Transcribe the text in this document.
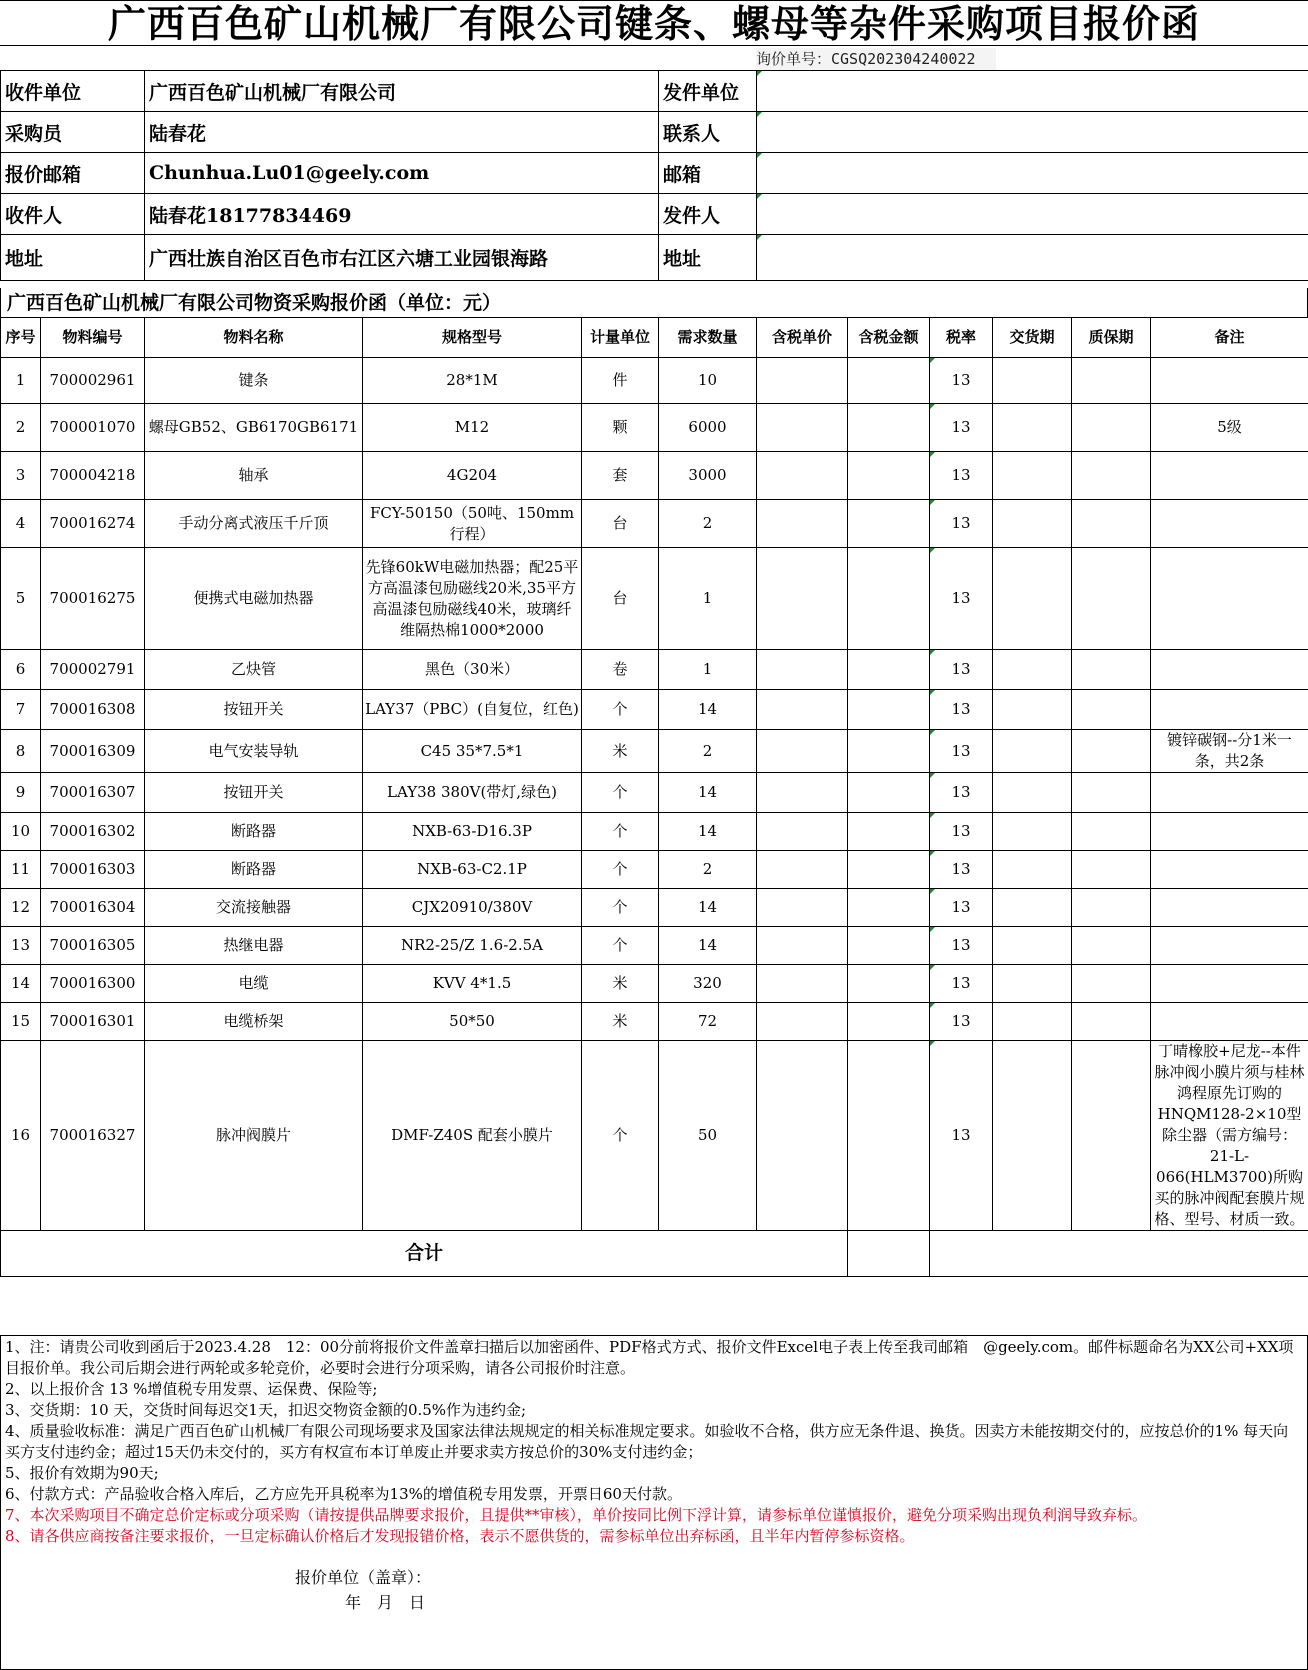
广西百色矿山机械厂有限公司键条、螺母等杂件采购项目报价函
询价单号：CGSQ202304240022
收件单位	广西百色矿山机械厂有限公司	发件单位	
采购员	陆春花	联系人	
报价邮箱	Chunhua.Lu01@geely.com	邮箱	
收件人	陆春花18177834469	发件人	
地址	广西壮族自治区百色市右江区六塘工业园银海路	地址	
广西百色矿山机械厂有限公司物资采购报价函（单位：元）
序号	物料编号	物料名称	规格型号	计量单位	需求数量	含税单价	含税金额	税率	交货期	质保期	备注
1	700002961	键条	28*1M	件	10			13			
2	700001070	螺母GB52、GB6170GB6171	M12	颗	6000			13			5级
3	700004218	轴承	4G204	套	3000			13			
4	700016274	手动分离式液压千斤顶	FCY-50150（50吨、150mm行程）	台	2			13			
5	700016275	便携式电磁加热器	先锋60kW电磁加热器；配25平方高温漆包励磁线20米,35平方高温漆包励磁线40米，玻璃纤维隔热棉1000*2000	台	1			13			
6	700002791	乙炔管	黑色（30米）	卷	1			13			
7	700016308	按钮开关	LAY37（PBC）(自复位，红色)	个	14			13			
8	700016309	电气安装导轨	C45 35*7.5*1	米	2			13			镀锌碳钢--分1米一条，共2条
9	700016307	按钮开关	LAY38 380V(带灯,绿色)	个	14			13			
10	700016302	断路器	NXB-63-D16.3P	个	14			13			
11	700016303	断路器	NXB-63-C2.1P	个	2			13			
12	700016304	交流接触器	CJX20910/380V	个	14			13			
13	700016305	热继电器	NR2-25/Z 1.6-2.5A	个	14			13			
14	700016300	电缆	KVV 4*1.5	米	320			13			
15	700016301	电缆桥架	50*50	米	72			13			
16	700016327	脉冲阀膜片	DMF-Z40S 配套小膜片	个	50			13			丁晴橡胶+尼龙--本件脉冲阀小膜片须与桂林鸿程原先订购的HNQM128-2×10型除尘器（需方编号：21-L-066(HLM3700)所购买的脉冲阀配套膜片规格、型号、材质一致。
合计											

1、注：请贵公司收到函后于2023.4.28　12：00分前将报价文件盖章扫描后以加密函件、PDF格式方式、报价文件Excel电子表上传至我司邮箱　@geely.com。邮件标题命名为XX公司+XX项目报价单。我公司后期会进行两轮或多轮竞价，必要时会进行分项采购，请各公司报价时注意。

2、以上报价含 13 %增值税专用发票、运保费、保险等;

3、交货期：10 天，交货时间每迟交1天，扣迟交物资金额的0.5%作为违约金;

4、质量验收标准：满足广西百色矿山机械厂有限公司现场要求及国家法律法规规定的相关标准规定要求。如验收不合格，供方应无条件退、换货。因卖方未能按期交付的，应按总价的1% 每天向买方支付违约金；超过15天仍未交付的，买方有权宣布本订单废止并要求卖方按总价的30%支付违约金；

5、报价有效期为90天;

6、付款方式：产品验收合格入库后，乙方应先开具税率为13%的增值税专用发票，开票日60天付款。

7、本次采购项目不确定总价定标或分项采购（请按提供品牌要求报价，且提供**审核），单价按同比例下浮计算，请参标单位谨慎报价，避免分项采购出现负利润导致弃标。

8、请各供应商按备注要求报价，一旦定标确认价格后才发现报错价格，表示不愿供货的，需参标单位出弃标函，且半年内暂停参标资格。

报价单位（盖章）：

年　月　日
